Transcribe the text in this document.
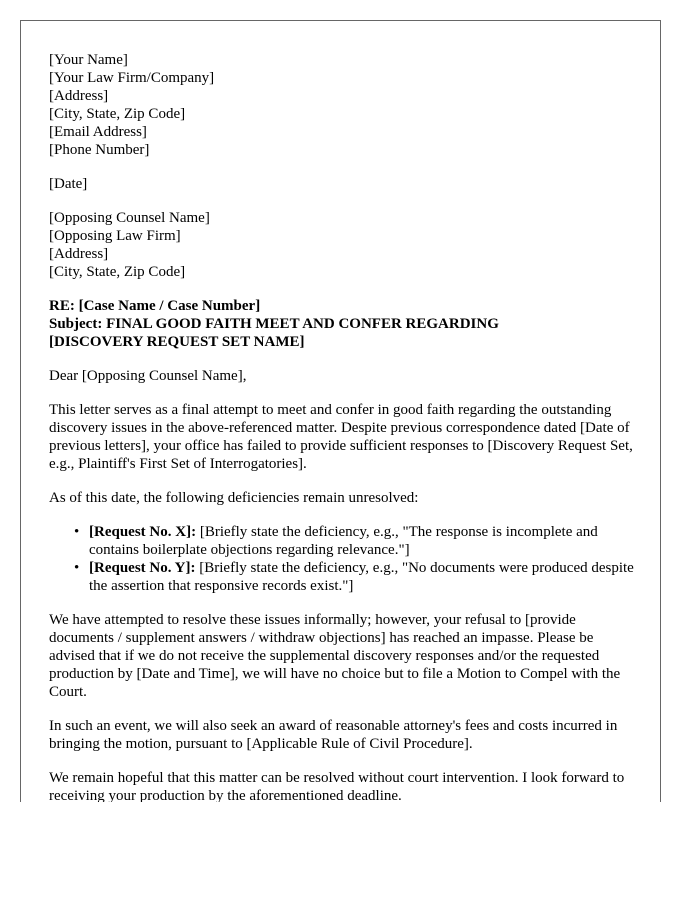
[Your Name]
[Your Law Firm/Company]
[Address]
[City, State, Zip Code]
[Email Address]
[Phone Number]
[Date]
[Opposing Counsel Name]
[Opposing Law Firm]
[Address]
[City, State, Zip Code]
RE: [Case Name / Case Number]
Subject: FINAL GOOD FAITH MEET AND CONFER REGARDING
[DISCOVERY REQUEST SET NAME]

Dear [Opposing Counsel Name],

This letter serves as a final attempt to meet and confer in good faith regarding the outstanding discovery issues in the above-referenced matter. Despite previous correspondence dated [Date of previous letters], your office has failed to provide sufficient responses to [Discovery Request Set, e.g., Plaintiff's First Set of Interrogatories].

As of this date, the following deficiencies remain unresolved:

• [Request No. X]: [Briefly state the deficiency, e.g., "The response is incomplete and contains boilerplate objections regarding relevance."]
• [Request No. Y]: [Briefly state the deficiency, e.g., "No documents were produced despite the assertion that responsive records exist."]

We have attempted to resolve these issues informally; however, your refusal to [provide documents / supplement answers / withdraw objections] has reached an impasse. Please be advised that if we do not receive the supplemental discovery responses and/or the requested production by [Date and Time], we will have no choice but to file a Motion to Compel with the Court.

In such an event, we will also seek an award of reasonable attorney's fees and costs incurred in bringing the motion, pursuant to [Applicable Rule of Civil Procedure].

We remain hopeful that this matter can be resolved without court intervention. I look forward to receiving your production by the aforementioned deadline.
